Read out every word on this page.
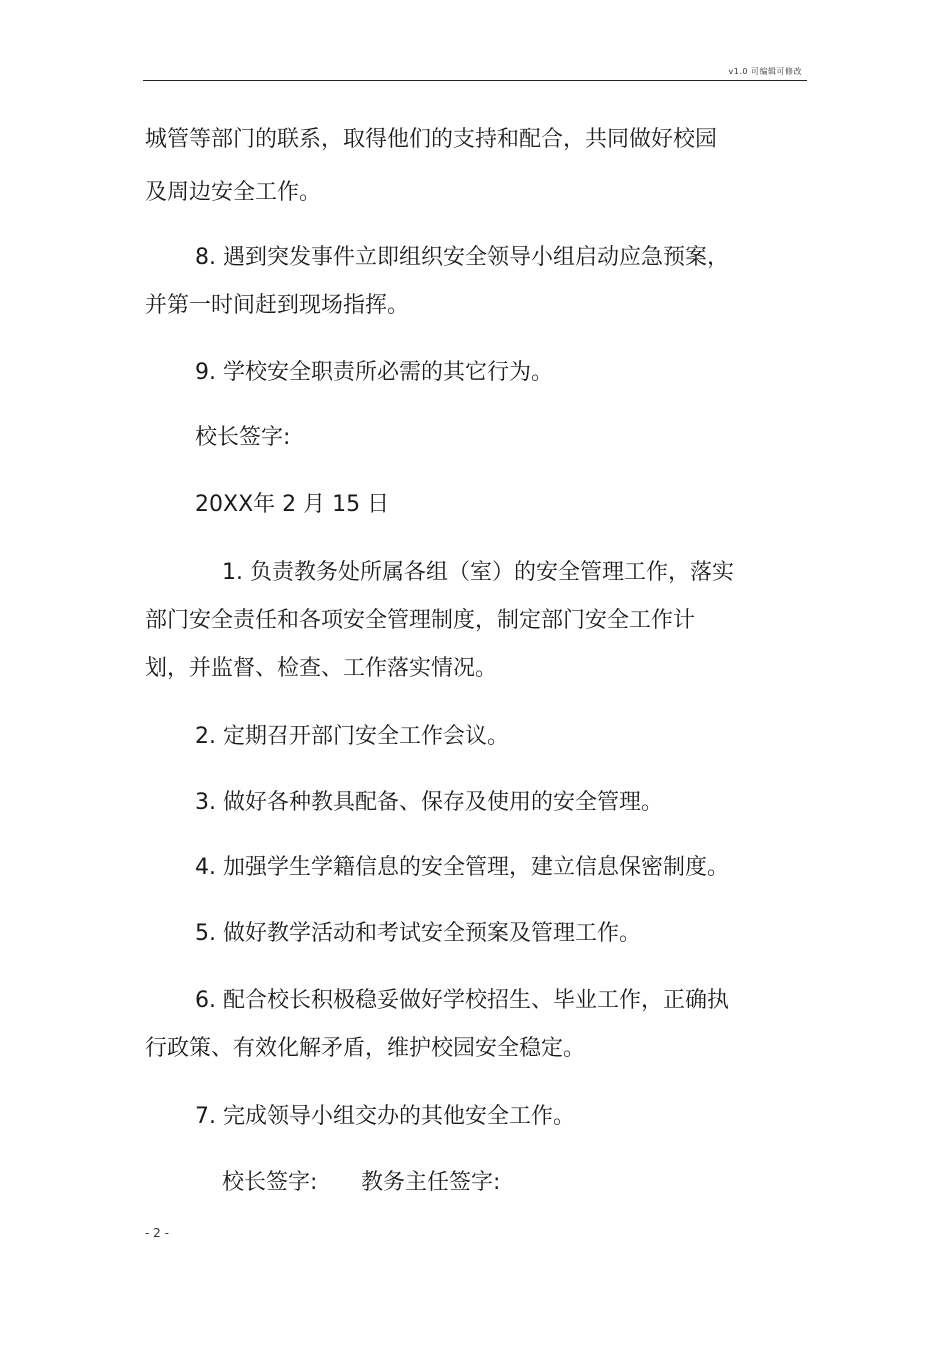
v1.0 可编辑可修改
城管等部门的联系，取得他们的支持和配合，共同做好校园
及周边安全工作。
8. 遇到突发事件立即组织安全领导小组启动应急预案，
并第一时间赶到现场指挥。
9. 学校安全职责所必需的其它行为。
校长签字:
20XX年 2 月 15 日
1. 负责教务处所属各组（室）的安全管理工作，落实
部门安全责任和各项安全管理制度，制定部门安全工作计
划，并监督、检查、工作落实情况。
2. 定期召开部门安全工作会议。
3. 做好各种教具配备、保存及使用的安全管理。
4. 加强学生学籍信息的安全管理，建立信息保密制度。
5. 做好教学活动和考试安全预案及管理工作。
6. 配合校长积极稳妥做好学校招生、毕业工作，正确执
行政策、有效化解矛盾，维护校园安全稳定。
7. 完成领导小组交办的其他安全工作。
校长签字: 教务主任签字:
- 2 -
